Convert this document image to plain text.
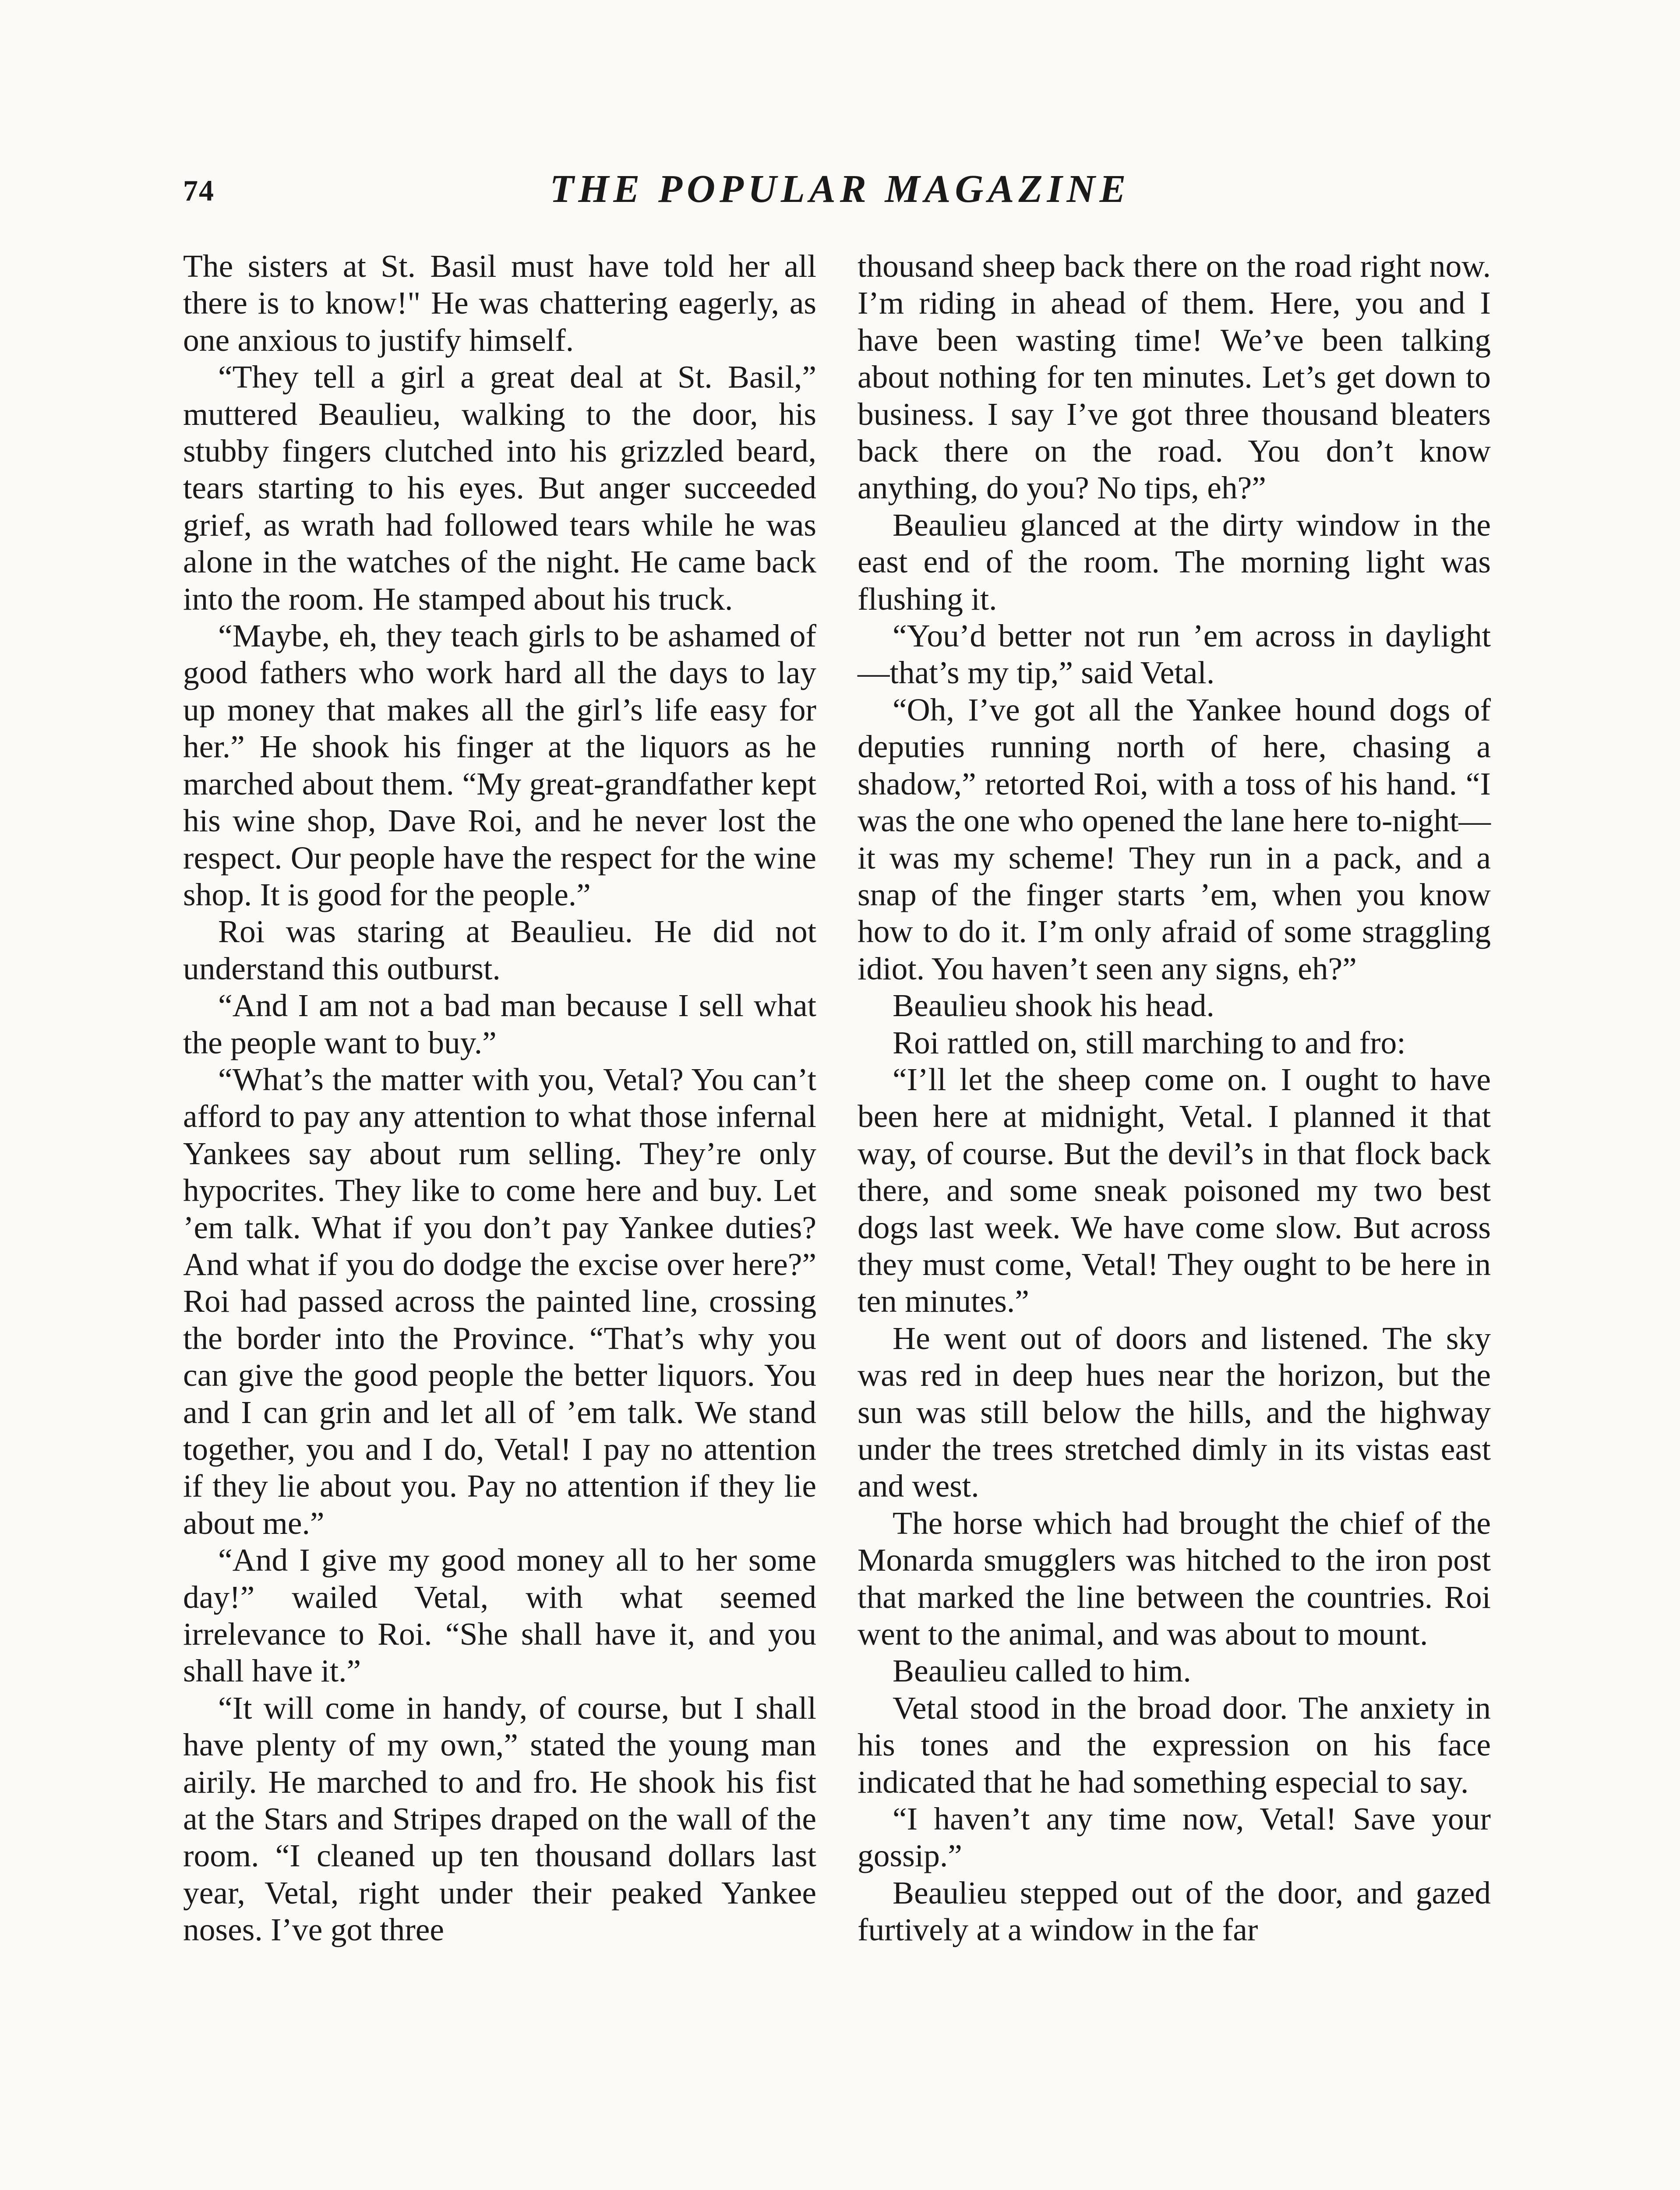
74	THE POPULAR MAGAZINE

The sisters at St. Basil must have told her all there is to know!" He was chattering eagerly, as one anxious to justify himself.

“They tell a girl a great deal at St. Basil,” muttered Beaulieu, walking to the door, his stubby fingers clutched into his grizzled beard, tears starting to his eyes. But anger succeeded grief, as wrath had followed tears while he was alone in the watches of the night. He came back into the room. He stamped about his truck.

“Maybe, eh, they teach girls to be ashamed of good fathers who work hard all the days to lay up money that makes all the girl’s life easy for her.” He shook his finger at the liquors as he marched about them. “My great-grandfather kept his wine shop, Dave Roi, and he never lost the respect. Our people have the respect for the wine shop. It is good for the people.”

Roi was staring at Beaulieu. He did not understand this outburst.

“And I am not a bad man because I sell what the people want to buy.”

“What’s the matter with you, Vetal? You can’t afford to pay any attention to what those infernal Yankees say about rum selling. They’re only hypocrites. They like to come here and buy. Let ’em talk. What if you don’t pay Yankee duties? And what if you do dodge the excise over here?” Roi had passed across the painted line, crossing the border into the Province. “That’s why you can give the good people the better liquors. You and I can grin and let all of ’em talk. We stand together, you and I do, Vetal! I pay no attention if they lie about you. Pay no attention if they lie about me.”

“And I give my good money all to her some day!” wailed Vetal, with what seemed irrelevance to Roi. “She shall have it, and you shall have it.”

“It will come in handy, of course, but I shall have plenty of my own,” stated the young man airily. He marched to and fro. He shook his fist at the Stars and Stripes draped on the wall of the room. “I cleaned up ten thousand dollars last year, Vetal, right under their peaked Yankee noses. I’ve got three

thousand sheep back there on the road right now. I’m riding in ahead of them. Here, you and I have been wasting time! We’ve been talking about nothing for ten minutes. Let’s get down to business. I say I’ve got three thousand bleaters back there on the road. You don’t know anything, do you? No tips, eh?”

Beaulieu glanced at the dirty window in the east end of the room. The morning light was flushing it.

“You’d better not run ’em across in daylight—that’s my tip,” said Vetal.

“Oh, I’ve got all the Yankee hound dogs of deputies running north of here, chasing a shadow,” retorted Roi, with a toss of his hand. “I was the one who opened the lane here to-night—it was my scheme! They run in a pack, and a snap of the finger starts ’em, when you know how to do it. I’m only afraid of some straggling idiot. You haven’t seen any signs, eh?”

Beaulieu shook his head.

Roi rattled on, still marching to and fro:

“I’ll let the sheep come on. I ought to have been here at midnight, Vetal. I planned it that way, of course. But the devil’s in that flock back there, and some sneak poisoned my two best dogs last week. We have come slow. But across they must come, Vetal! They ought to be here in ten minutes.”

He went out of doors and listened. The sky was red in deep hues near the horizon, but the sun was still below the hills, and the highway under the trees stretched dimly in its vistas east and west.

The horse which had brought the chief of the Monarda smugglers was hitched to the iron post that marked the line between the countries. Roi went to the animal, and was about to mount.

Beaulieu called to him.

Vetal stood in the broad door. The anxiety in his tones and the expression on his face indicated that he had something especial to say.

“I haven’t any time now, Vetal! Save your gossip.”

Beaulieu stepped out of the door, and gazed furtively at a window in the far
